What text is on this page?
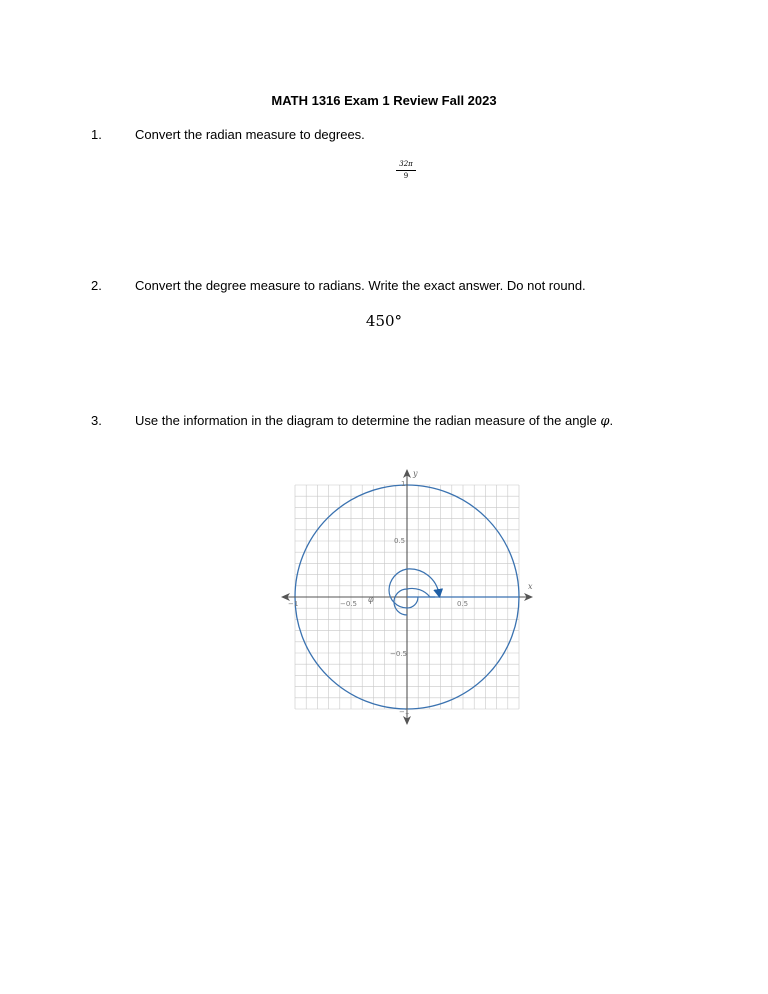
MATH 1316 Exam 1 Review Fall 2023
1.	Convert the radian measure to degrees.
32π
9
2.	Convert the degree measure to radians. Write the exact answer. Do not round.
450°
3.	Use the information in the diagram to determine the radian measure of the angle φ.
x
y
φ
−1	−0.5	0.5
0.5
−0.5
1
−1
